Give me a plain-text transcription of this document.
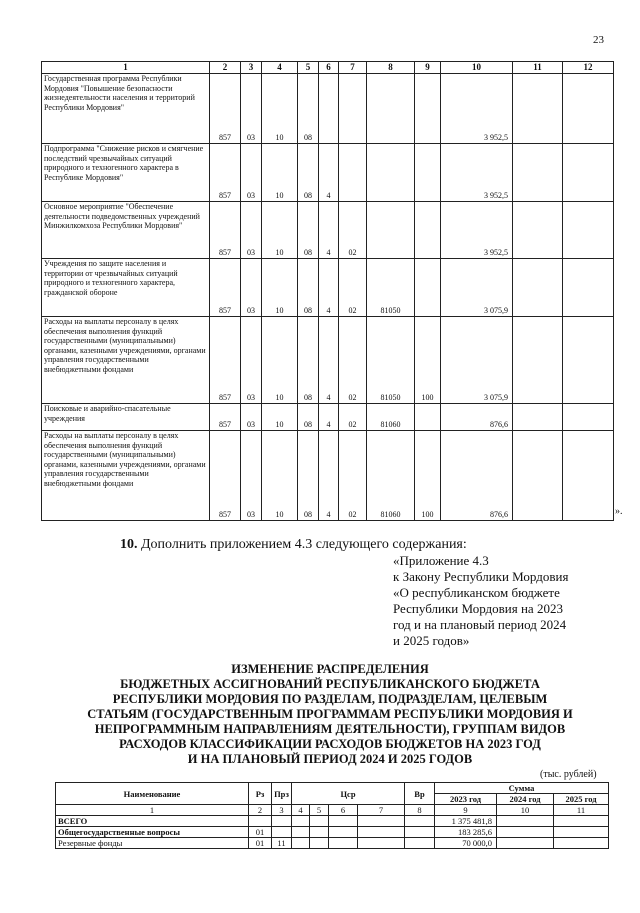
23
1	2	3	4	5	6	7	8	9	10	11	12
Государственная программа Республики Мордовия "Повышение безопасности жизнедеятельности населения и территорий Республики Мордовия"	857	03	10	08					3 952,5		
Подпрограмма "Снижение рисков и смягчение последствий чрезвычайных ситуаций природного и техногенного характера в Республике Мордовия"	857	03	10	08	4				3 952,5		
Основное мероприятие "Обеспечение деятельности подведомственных учреждений Минжилкомхоза Республики Мордовия"	857	03	10	08	4	02			3 952,5		
Учреждения по защите населения и территории от чрезвычайных ситуаций природного и техногенного характера, гражданской обороне	857	03	10	08	4	02	81050		3 075,9		
Расходы на выплаты персоналу в целях обеспечения выполнения функций государственными (муниципальными) органами, казенными учреждениями, органами управления государственными внебюджетными фондами	857	03	10	08	4	02	81050	100	3 075,9		
Поисковые и аварийно-спасательные учреждения	857	03	10	08	4	02	81060		876,6		
Расходы на выплаты персоналу в целях обеспечения выполнения функций государственными (муниципальными) органами, казенными учреждениями, органами управления государственными внебюджетными фондами	857	03	10	08	4	02	81060	100	876,6			».
10. Дополнить приложением 4.3 следующего содержания:
«Приложение 4.3
к Закону Республики Мордовия
«О республиканском бюджете
Республики Мордовия на 2023
год и на плановый период 2024
и 2025 годов»
ИЗМЕНЕНИЕ РАСПРЕДЕЛЕНИЯ
БЮДЖЕТНЫХ АССИГНОВАНИЙ РЕСПУБЛИКАНСКОГО БЮДЖЕТА
РЕСПУБЛИКИ МОРДОВИЯ ПО РАЗДЕЛАМ, ПОДРАЗДЕЛАМ, ЦЕЛЕВЫМ
СТАТЬЯМ (ГОСУДАРСТВЕННЫМ ПРОГРАММАМ РЕСПУБЛИКИ МОРДОВИЯ И
НЕПРОГРАММНЫМ НАПРАВЛЕНИЯМ ДЕЯТЕЛЬНОСТИ), ГРУППАМ ВИДОВ
РАСХОДОВ КЛАССИФИКАЦИИ РАСХОДОВ БЮДЖЕТОВ НА 2023 ГОД
И НА ПЛАНОВЫЙ ПЕРИОД 2024 И 2025 ГОДОВ
(тыс. рублей)
Наименование	Рз	Прз	Цср				Вр	Сумма		
								2023 год	2024 год	2025 год
1	2	3	4	5	6	7	8	9	10	11
ВСЕГО								1 375 481,8		
Общегосударственные вопросы	01							183 285,6		
Резервные фонды	01	11						70 000,0		
